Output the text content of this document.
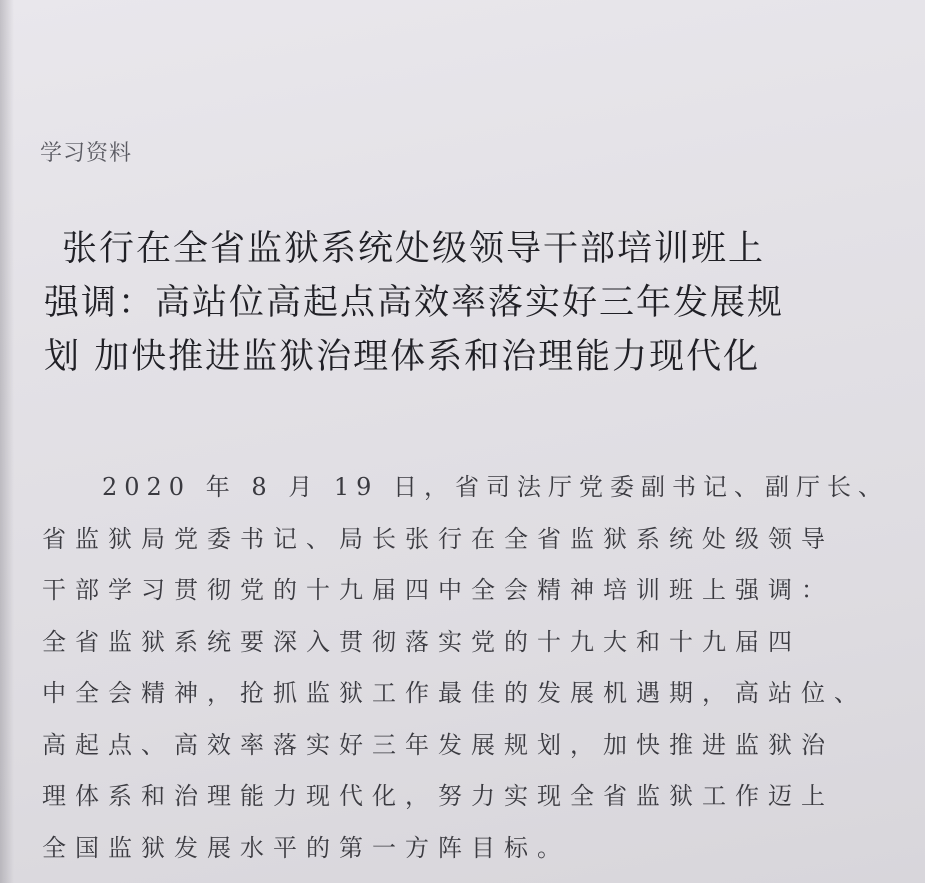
学习资料
张行在全省监狱系统处级领导干部培训班上
强调：高站位高起点高效率落实好三年发展规
划 加快推进监狱治理体系和治理能力现代化
2020 年 8 月 19 日，省司法厅党委副书记、副厅长、
省监狱局党委书记、局长张行在全省监狱系统处级领导
干部学习贯彻党的十九届四中全会精神培训班上强调：
全省监狱系统要深入贯彻落实党的十九大和十九届四
中全会精神，抢抓监狱工作最佳的发展机遇期，高站位、
高起点、高效率落实好三年发展规划，加快推进监狱治
理体系和治理能力现代化，努力实现全省监狱工作迈上
全国监狱发展水平的第一方阵目标。
